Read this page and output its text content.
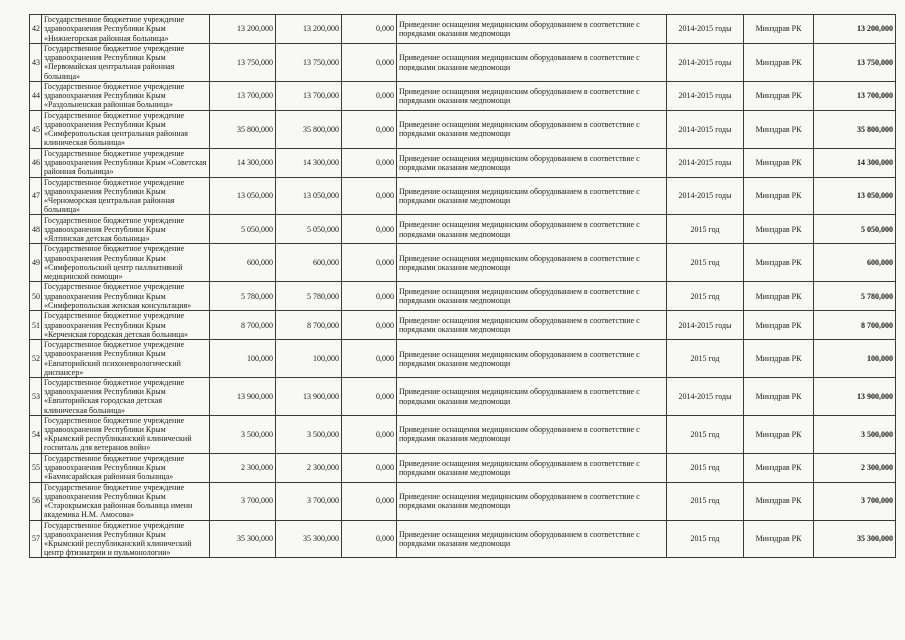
42	Государственное бюджетное учреждение здравоохранения Республики Крым «Нижнегорская районная больница»	13 200,000	13 200,000	0,000	Приведение оснащения медицинским оборудованием в соответствие с порядками оказания медпомощи	2014-2015 годы	Минздрав РК	13 200,000
43	Государственное бюджетное учреждение здравоохранения Республики Крым «Первомайская центральная районная больница»	13 750,000	13 750,000	0,000	Приведение оснащения медицинским оборудованием в соответствие с порядками оказания медпомощи	2014-2015 годы	Минздрав РК	13 750,000
44	Государственное бюджетное учреждение здравоохранения Республики Крым «Раздольненская районная больница»	13 700,000	13 700,000	0,000	Приведение оснащения медицинским оборудованием в соответствие с порядками оказания медпомощи	2014-2015 годы	Минздрав РК	13 700,000
45	Государственное бюджетное учреждение здравоохранения Республики Крым «Симферопольская центральная районная клиническая больница»	35 800,000	35 800,000	0,000	Приведение оснащения медицинским оборудованием в соответствие с порядками оказания медпомощи	2014-2015 годы	Минздрав РК	35 800,000
46	Государственное бюджетное учреждение здравоохранения Республики Крым «Советская районная больница»	14 300,000	14 300,000	0,000	Приведение оснащения медицинским оборудованием в соответствие с порядками оказания медпомощи	2014-2015 годы	Минздрав РК	14 300,000
47	Государственное бюджетное учреждение здравоохранения Республики Крым «Черноморская центральная районная больница»	13 050,000	13 050,000	0,000	Приведение оснащения медицинским оборудованием в соответствие с порядками оказания медпомощи	2014-2015 годы	Минздрав РК	13 050,000
48	Государственное бюджетное учреждение здравоохранения Республики Крым «Ялтинская детская больница»	5 050,000	5 050,000	0,000	Приведение оснащения медицинским оборудованием в соответствие с порядками оказания медпомощи	2015 год	Минздрав РК	5 050,000
49	Государственное бюджетное учреждение здравоохранения Республики Крым «Симферопольский центр паллиативной медицинской помощи»	600,000	600,000	0,000	Приведение оснащения медицинским оборудованием в соответствие с порядками оказания медпомощи	2015 год	Минздрав РК	600,000
50	Государственное бюджетное учреждение здравоохранения Республики Крым «Симферопольская женская консультация»	5 780,000	5 780,000	0,000	Приведение оснащения медицинским оборудованием в соответствие с порядками оказания медпомощи	2015 год	Минздрав РК	5 780,000
51	Государственное бюджетное учреждение здравоохранения Республики Крым «Керченская городская детская больница»	8 700,000	8 700,000	0,000	Приведение оснащения медицинским оборудованием в соответствие с порядками оказания медпомощи	2014-2015 годы	Минздрав РК	8 700,000
52	Государственное бюджетное учреждение здравоохранения Республики Крым «Евпаторийский психоневрологический диспансер»	100,000	100,000	0,000	Приведение оснащения медицинским оборудованием в соответствие с порядками оказания медпомощи	2015 год	Минздрав РК	100,000
53	Государственное бюджетное учреждение здравоохранения Республики Крым «Евпаторийская городская детская клиническая больница»	13 900,000	13 900,000	0,000	Приведение оснащения медицинским оборудованием в соответствие с порядками оказания медпомощи	2014-2015 годы	Минздрав РК	13 900,000
54	Государственное бюджетное учреждение здравоохранения Республики Крым «Крымский республиканский клинический госпиталь для ветеранов войн»	3 500,000	3 500,000	0,000	Приведение оснащения медицинским оборудованием в соответствие с порядками оказания медпомощи	2015 год	Минздрав РК	3 500,000
55	Государственное бюджетное учреждение здравоохранения Республики Крым «Бахчисарайская районная больница»	2 300,000	2 300,000	0,000	Приведение оснащения медицинским оборудованием в соответствие с порядками оказания медпомощи	2015 год	Минздрав РК	2 300,000
56	Государственное бюджетное учреждение здравоохранения Республики Крым «Старокрымская районная больница имени академика Н.М. Амосова»	3 700,000	3 700,000	0,000	Приведение оснащения медицинским оборудованием в соответствие с порядками оказания медпомощи	2015 год	Минздрав РК	3 700,000
57	Государственное бюджетное учреждение здравоохранения Республики Крым «Крымский республиканский клинический центр фтизиатрии и пульмонологии»	35 300,000	35 300,000	0,000	Приведение оснащения медицинским оборудованием в соответствие с порядками оказания медпомощи	2015 год	Минздрав РК	35 300,000
